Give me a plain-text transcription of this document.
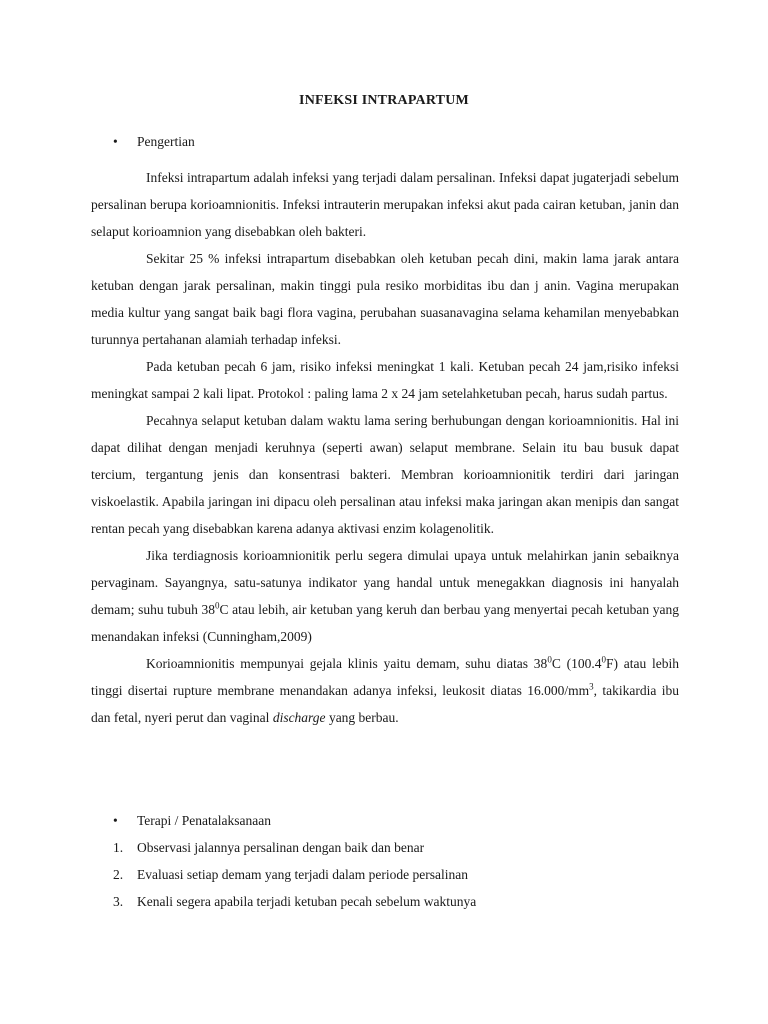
INFEKSI INTRAPARTUM
• Pengertian

Infeksi intrapartum adalah infeksi yang terjadi dalam persalinan. Infeksi dapat jugaterjadi sebelum persalinan berupa korioamnionitis. Infeksi intrauterin merupakan infeksi akut pada cairan ketuban, janin dan selaput korioamnion yang disebabkan oleh bakteri.

Sekitar 25 % infeksi intrapartum disebabkan oleh ketuban pecah dini, makin lama jarak antara ketuban dengan jarak persalinan, makin tinggi pula resiko morbiditas ibu dan j anin. Vagina merupakan media kultur yang sangat baik bagi flora vagina, perubahan suasanavagina selama kehamilan menyebabkan turunnya pertahanan alamiah terhadap infeksi.

Pada ketuban pecah 6 jam, risiko infeksi meningkat 1 kali. Ketuban pecah 24 jam,risiko infeksi meningkat sampai 2 kali lipat. Protokol : paling lama 2 x 24 jam setelahketuban pecah, harus sudah partus.

Pecahnya selaput ketuban dalam waktu lama sering berhubungan dengan korioamnionitis. Hal ini dapat dilihat dengan menjadi keruhnya (seperti awan) selaput membrane. Selain itu bau busuk dapat tercium, tergantung jenis dan konsentrasi bakteri. Membran korioamnionitik terdiri dari jaringan viskoelastik. Apabila jaringan ini dipacu oleh persalinan atau infeksi maka jaringan akan menipis dan sangat rentan pecah yang disebabkan karena adanya aktivasi enzim kolagenolitik.

Jika terdiagnosis korioamnionitik perlu segera dimulai upaya untuk melahirkan janin sebaiknya pervaginam. Sayangnya, satu-satunya indikator yang handal untuk menegakkan diagnosis ini hanyalah demam; suhu tubuh $38^0C$ atau lebih, air ketuban yang keruh dan berbau yang menyertai pecah ketuban yang menandakan infeksi (Cunningham,2009)

Korioamnionitis mempunyai gejala klinis yaitu demam, suhu diatas $38^0C$ (100.4$^0$F) atau lebih tinggi disertai rupture membrane menandakan adanya infeksi, leukosit diatas $16.000/mm^3$, takikardia ibu dan fetal, nyeri perut dan vaginal discharge yang berbau.

• Terapi / Penatalaksanaan
1. Observasi jalannya persalinan dengan baik dan benar
2. Evaluasi setiap demam yang terjadi dalam periode persalinan
3. Kenali segera apabila terjadi ketuban pecah sebelum waktunya
